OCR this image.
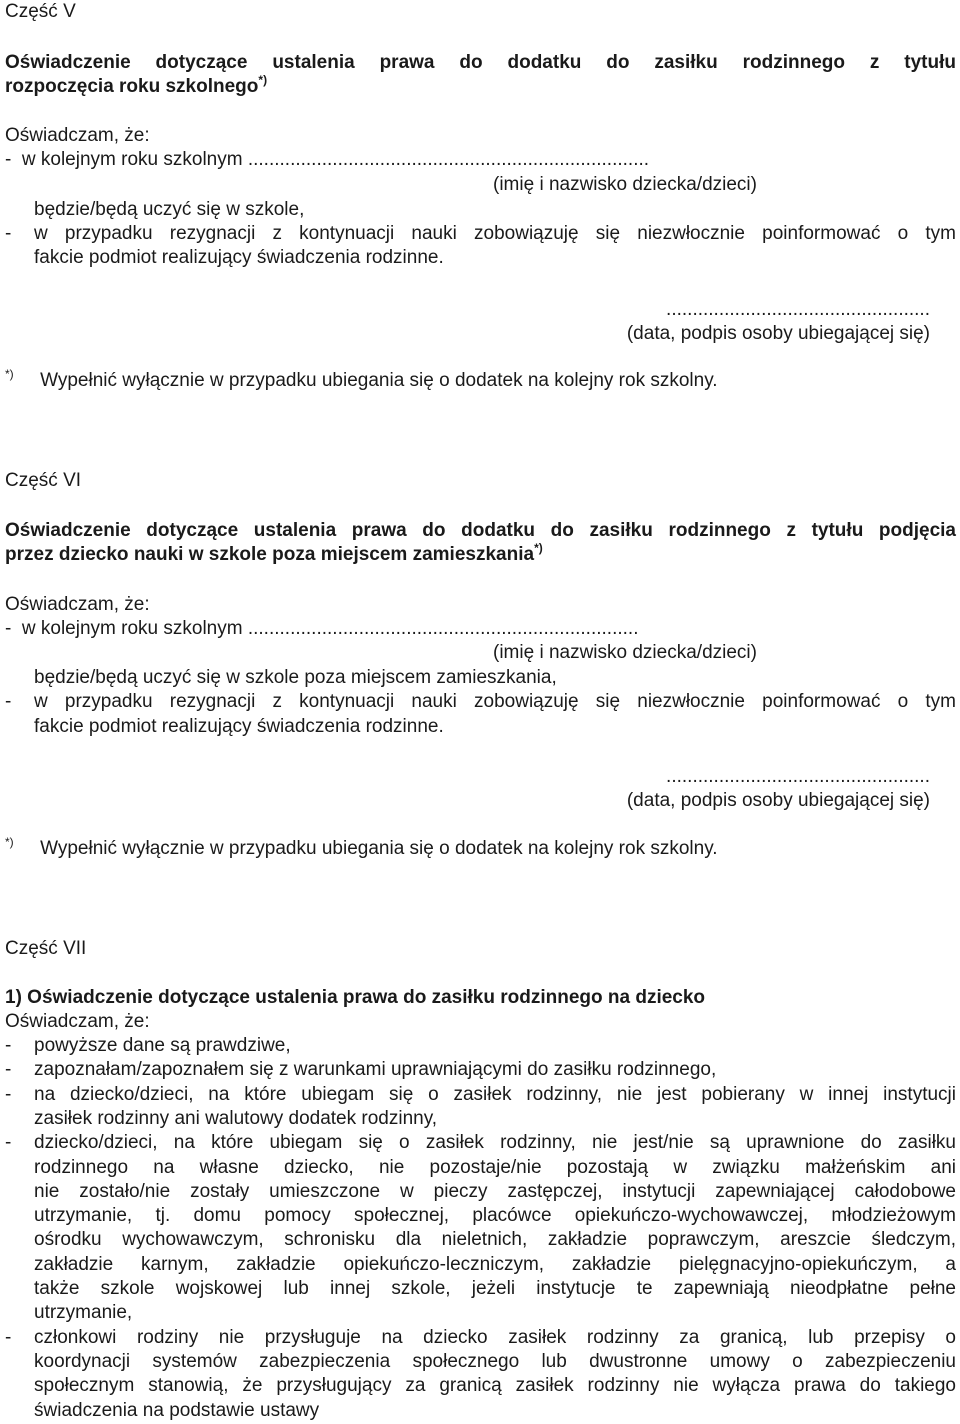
Część V
Oświadczenie dotyczące ustalenia prawa do dodatku do zasiłku rodzinnego z tytułu
rozpoczęcia roku szkolnego*)
Oświadczam, że:
-  w kolejnym roku szkolnym ............................................................................
(imię i nazwisko dziecka/dzieci)
będzie/będą uczyć się w szkole,
- w przypadku rezygnacji z kontynuacji nauki zobowiązuję się niezwłocznie poinformować o tym
fakcie podmiot realizujący świadczenia rodzinne.
..................................................
(data, podpis osoby ubiegającej się)
*) Wypełnić wyłącznie w przypadku ubiegania się o dodatek na kolejny rok szkolny.
Część VI
Oświadczenie dotyczące ustalenia prawa do dodatku do zasiłku rodzinnego z tytułu podjęcia
przez dziecko nauki w szkole poza miejscem zamieszkania*)
Oświadczam, że:
-  w kolejnym roku szkolnym ..........................................................................
(imię i nazwisko dziecka/dzieci)
będzie/będą uczyć się w szkole poza miejscem zamieszkania,
- w przypadku rezygnacji z kontynuacji nauki zobowiązuję się niezwłocznie poinformować o tym
fakcie podmiot realizujący świadczenia rodzinne.
..................................................
(data, podpis osoby ubiegającej się)
*) Wypełnić wyłącznie w przypadku ubiegania się o dodatek na kolejny rok szkolny.
Część VII
1) Oświadczenie dotyczące ustalenia prawa do zasiłku rodzinnego na dziecko
Oświadczam, że:
- powyższe dane są prawdziwe,
- zapoznałam/zapoznałem się z warunkami uprawniającymi do zasiłku rodzinnego,
- na dziecko/dzieci, na które ubiegam się o zasiłek rodzinny, nie jest pobierany w innej instytucji
zasiłek rodzinny ani walutowy dodatek rodzinny,
- dziecko/dzieci, na które ubiegam się o zasiłek rodzinny, nie jest/nie są uprawnione do zasiłku
rodzinnego na własne dziecko, nie pozostaje/nie pozostają w związku małżeńskim ani
nie zostało/nie zostały umieszczone w pieczy zastępczej, instytucji zapewniającej całodobowe
utrzymanie, tj. domu pomocy społecznej, placówce opiekuńczo-wychowawczej, młodzieżowym
ośrodku wychowawczym, schronisku dla nieletnich, zakładzie poprawczym, areszcie śledczym,
zakładzie karnym, zakładzie opiekuńczo-leczniczym, zakładzie pielęgnacyjno-opiekuńczym, a
także szkole wojskowej lub innej szkole, jeżeli instytucje te zapewniają nieodpłatne pełne
utrzymanie,
- członkowi rodziny nie przysługuje na dziecko zasiłek rodzinny za granicą, lub przepisy o
koordynacji systemów zabezpieczenia społecznego lub dwustronne umowy o zabezpieczeniu
społecznym stanowią, że przysługujący za granicą zasiłek rodzinny nie wyłącza prawa do takiego
świadczenia na podstawie ustawy
